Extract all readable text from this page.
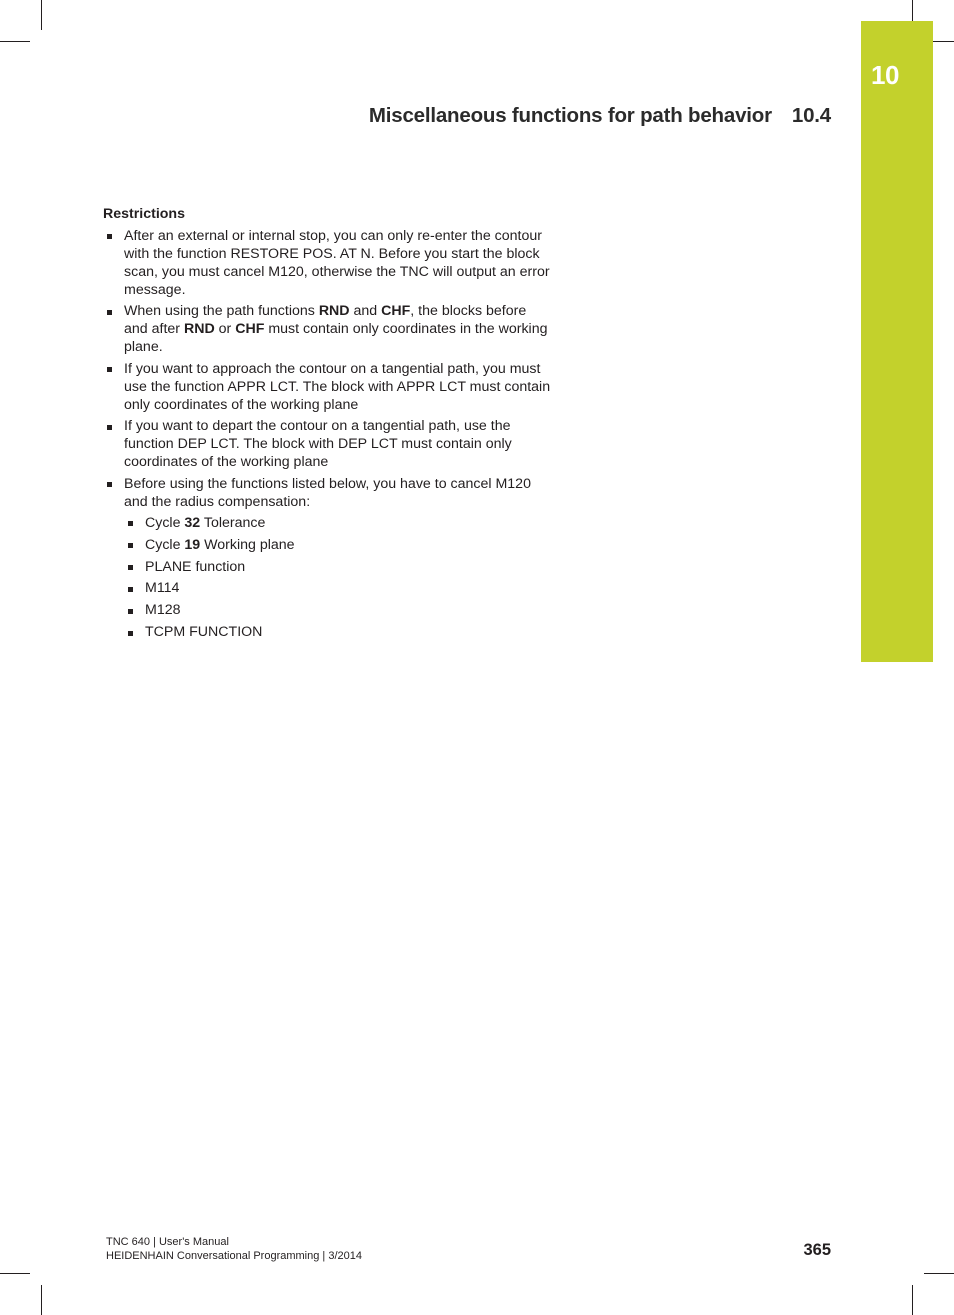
10
Miscellaneous functions for path behavior 10.4
Restrictions
After an external or internal stop, you can only re-enter the contour with the function RESTORE POS. AT N. Before you start the block scan, you must cancel M120, otherwise the TNC will output an error message.
When using the path functions RND and CHF, the blocks before and after RND or CHF must contain only coordinates in the working plane.
If you want to approach the contour on a tangential path, you must use the function APPR LCT. The block with APPR LCT must contain only coordinates of the working plane
If you want to depart the contour on a tangential path, use the function DEP LCT. The block with DEP LCT must contain only coordinates of the working plane
Before using the functions listed below, you have to cancel M120 and the radius compensation:
Cycle 32 Tolerance
Cycle 19 Working plane
PLANE function
M114
M128
TCPM FUNCTION
TNC 640 | User's Manual
HEIDENHAIN Conversational Programming | 3/2014	365
